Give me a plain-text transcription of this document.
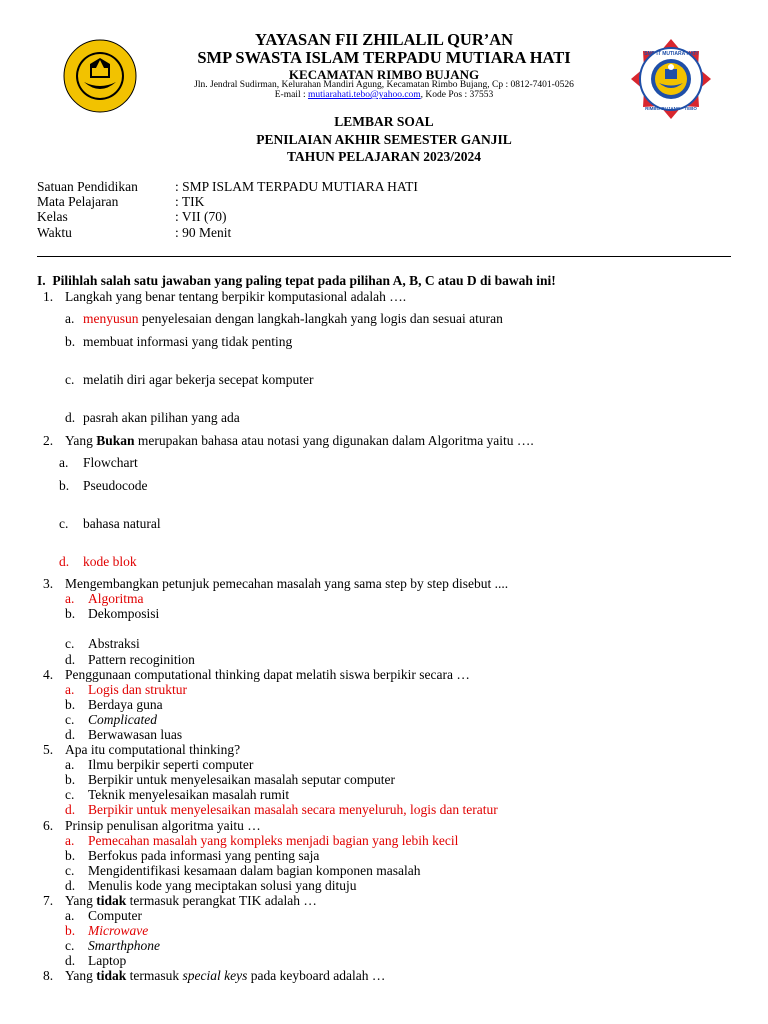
SMP IT MUTIARA HATI
RIMBO BUJANG · TEBO
YAYASAN FII ZHILALIL QUR’AN
SMP SWASTA ISLAM TERPADU MUTIARA HATI
KECAMATAN RIMBO BUJANG
Jln. Jendral Sudirman, Kelurahan Mandiri Agung, Kecamatan Rimbo Bujang, Cp : 0812-7401-0526
E-mail : mutiarahati.tebo@yahoo.com, Kode Pos : 37553
LEMBAR SOAL
PENILAIAN AKHIR SEMESTER GANJIL
TAHUN PELAJARAN 2023/2024
Satuan Pendidikan	: SMP ISLAM TERPADU MUTIARA HATI
Mata Pelajaran	: TIK
Kelas	: VII (70)
Waktu	: 90 Menit
I. Pilihlah salah satu jawaban yang paling tepat pada pilihan A, B, C atau D di bawah ini!
1. Langkah yang benar tentang berpikir komputasional adalah ….
a. menyusun penyelesaian dengan langkah-langkah yang logis dan sesuai aturan
b. membuat informasi yang tidak penting
c. melatih diri agar bekerja secepat komputer
d. pasrah akan pilihan yang ada
2. Yang Bukan merupakan bahasa atau notasi yang digunakan dalam Algoritma yaitu ….
a. Flowchart
b. Pseudocode
c. bahasa natural
d. kode blok
3. Mengembangkan petunjuk pemecahan masalah yang sama step by step disebut ....
a. Algoritma
b. Dekomposisi
c. Abstraksi
d. Pattern recoginition
4. Penggunaan computational thinking dapat melatih siswa berpikir secara …
a. Logis dan struktur
b. Berdaya guna
c. Complicated
d. Berwawasan luas
5. Apa itu computational thinking?
a. Ilmu berpikir seperti computer
b. Berpikir untuk menyelesaikan masalah seputar computer
c. Teknik menyelesaikan masalah rumit
d. Berpikir untuk menyelesaikan masalah secara menyeluruh, logis dan teratur
6. Prinsip penulisan algoritma yaitu …
a. Pemecahan masalah yang kompleks menjadi bagian yang lebih kecil
b. Berfokus pada informasi yang penting saja
c. Mengidentifikasi kesamaan dalam bagian komponen masalah
d. Menulis kode yang meciptakan solusi yang dituju
7. Yang tidak termasuk perangkat TIK adalah …
a. Computer
b. Microwave
c. Smarthphone
d. Laptop
8. Yang tidak termasuk special keys pada keyboard adalah …
